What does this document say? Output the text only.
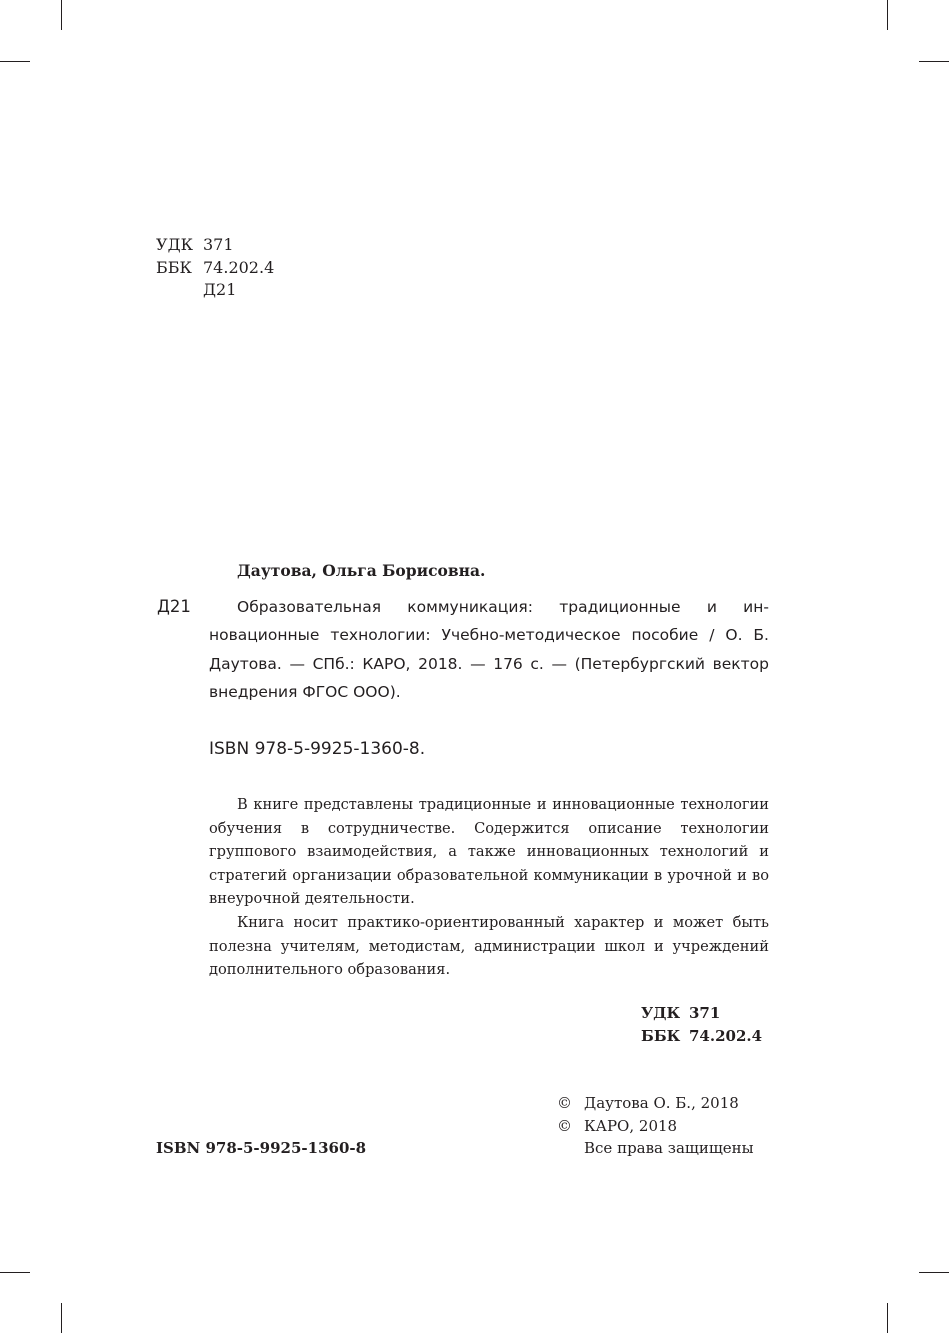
УДК 371
ББК 74.202.4
Д21
Даутова, Ольга Борисовна.
Д21	Образовательная коммуникация: традиционные и инновационные технологии: Учебно-методическое пособие / О. Б. Даутова. — СПб.: КАРО, 2018. — 176 с. — (Петербургский вектор внедрения ФГОС ООО).
ISBN 978-5-9925-1360-8.

В книге представлены традиционные и инновационные технологии обучения в сотрудничестве. Содержится описание технологии группового взаимодействия, а также инновационных технологий и стратегий организации образовательной коммуникации в урочной и во внеурочной деятельности.

Книга носит практико-ориентированный характер и может быть полезна учителям, методистам, администрации школ и учреждений дополнительного образования.

УДК 371
ББК 74.202.4
© Даутова О. Б., 2018
© КАРО, 2018
Все права защищены
ISBN 978-5-9925-1360-8
